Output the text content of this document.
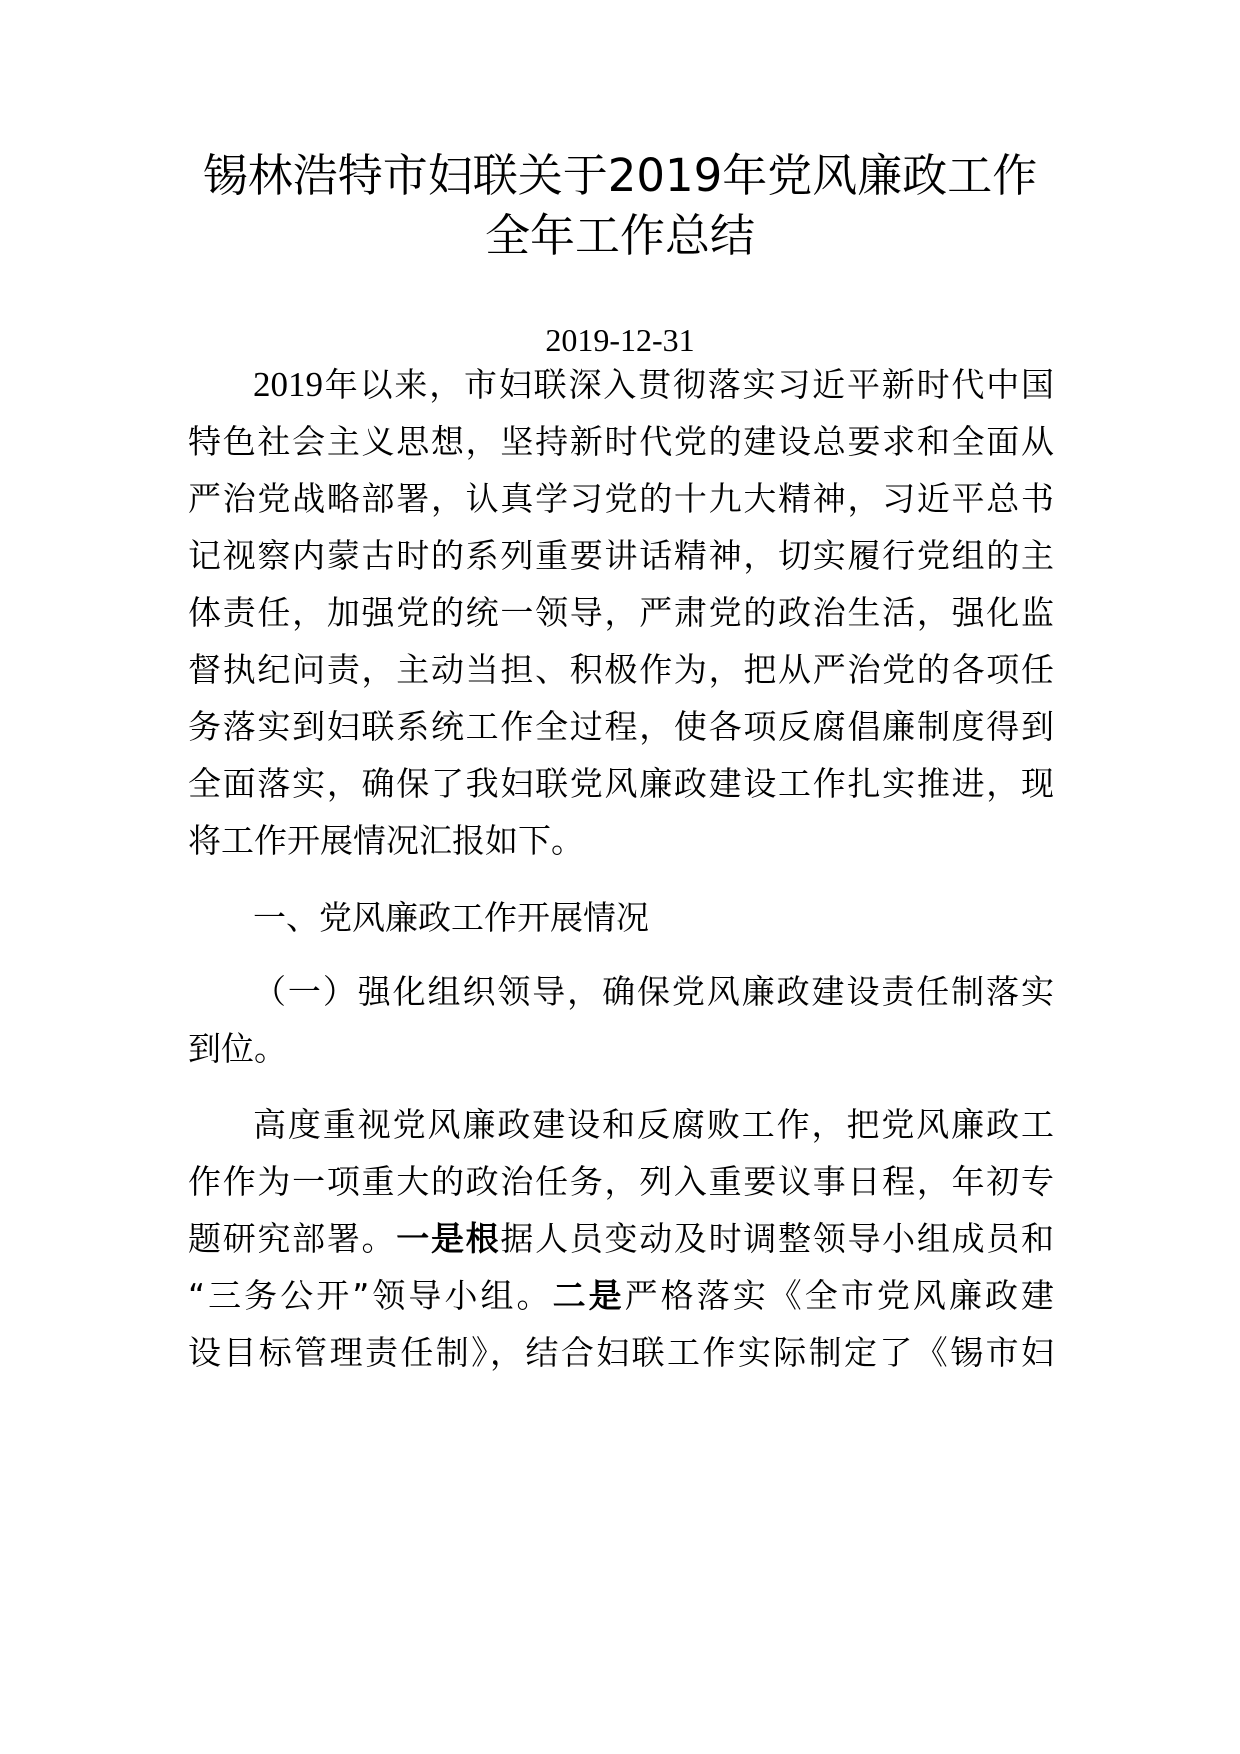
锡林浩特市妇联关于2019年党风廉政工作
全年工作总结
2019-12-31
2019年以来，市妇联深入贯彻落实习近平新时代中国
特色社会主义思想，坚持新时代党的建设总要求和全面从
严治党战略部署，认真学习党的十九大精神，习近平总书
记视察内蒙古时的系列重要讲话精神，切实履行党组的主
体责任，加强党的统一领导，严肃党的政治生活，强化监
督执纪问责，主动当担、积极作为，把从严治党的各项任
务落实到妇联系统工作全过程，使各项反腐倡廉制度得到
全面落实，确保了我妇联党风廉政建设工作扎实推进，现
将工作开展情况汇报如下。
一、党风廉政工作开展情况
（一）强化组织领导，确保党风廉政建设责任制落实
到位。
高度重视党风廉政建设和反腐败工作，把党风廉政工
作作为一项重大的政治任务，列入重要议事日程，年初专
题研究部署。一是根据人员变动及时调整领导小组成员和
“三务公开”领导小组。二是严格落实《全市党风廉政建
设目标管理责任制》，结合妇联工作实际制定了《锡市妇
